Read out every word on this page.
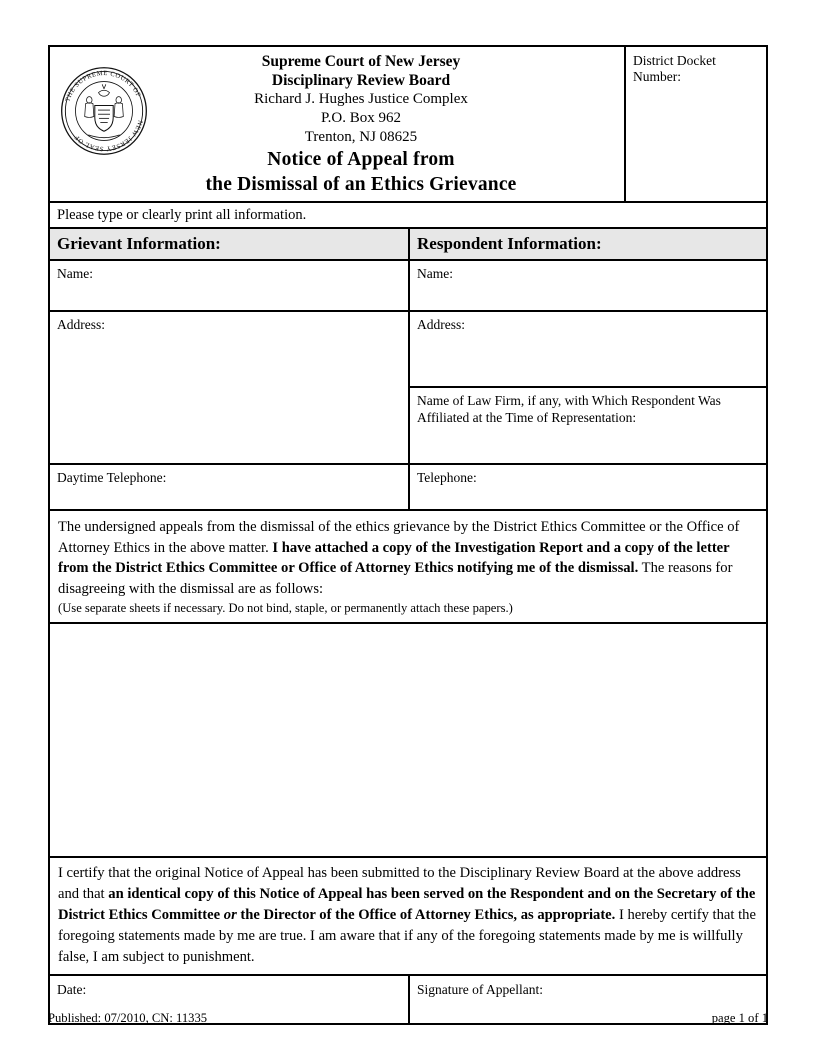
THE SUPREME COURT OF
NEW JERSEY SEAL OF
Supreme Court of New Jersey
Disciplinary Review Board
Richard J. Hughes Justice Complex
P.O. Box 962
Trenton, NJ 08625
Notice of Appeal from
the Dismissal of an Ethics Grievance
District Docket Number:
Please type or clearly print all information.
Grievant Information:
Name:
Address:
Daytime Telephone:
Respondent Information:
Name:
Address:
Name of Law Firm, if any, with Which Respondent Was Affiliated at the Time of Representation:
Telephone:
The undersigned appeals from the dismissal of the ethics grievance by the District Ethics Committee or the Office of Attorney Ethics in the above matter. I have attached a copy of the Investigation Report and a copy of the letter from the District Ethics Committee or Office of Attorney Ethics notifying me of the dismissal. The reasons for disagreeing with the dismissal are as follows:
(Use separate sheets if necessary. Do not bind, staple, or permanently attach these papers.)
I certify that the original Notice of Appeal has been submitted to the Disciplinary Review Board at the above address and that an identical copy of this Notice of Appeal has been served on the Respondent and on the Secretary of the District Ethics Committee or the Director of the Office of Attorney Ethics, as appropriate. I hereby certify that the foregoing statements made by me are true. I am aware that if any of the foregoing statements made by me is willfully false, I am subject to punishment.
Date:	Signature of Appellant:
Published: 07/2010, CN: 11335	page 1 of 1
